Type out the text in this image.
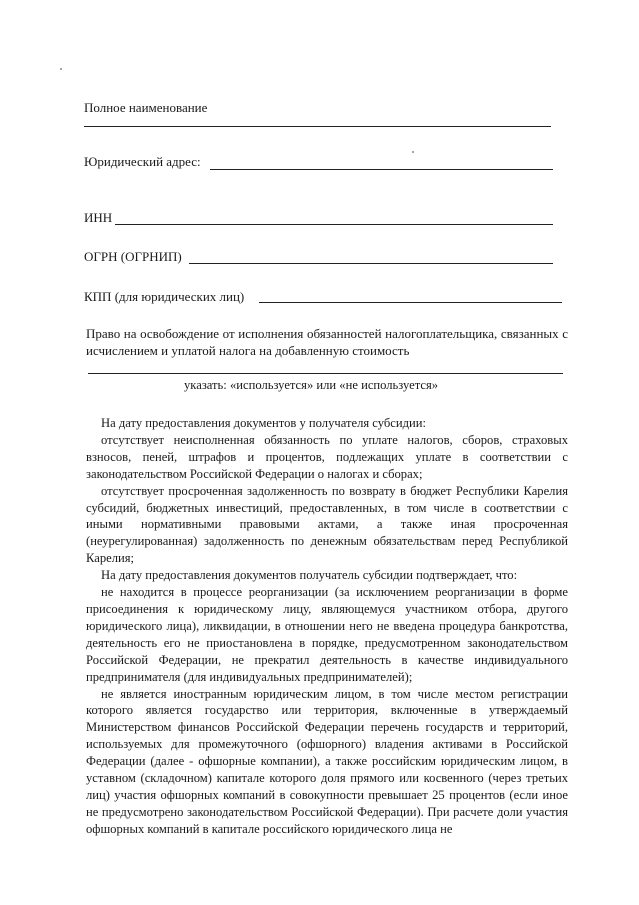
Полное наименование
Юридический адрес:
ИНН
ОГРН (ОГРНИП)
КПП (для юридических лиц)
Право на освобождение от исполнения обязанностей налогоплательщика, связанных с исчислением и уплатой налога на добавленную стоимость
указать: «используется» или «не используется»

На дату предоставления документов у получателя субсидии:

отсутствует неисполненная обязанность по уплате налогов, сборов, страховых взносов, пеней, штрафов и процентов, подлежащих уплате в соответствии с законодательством Российской Федерации о налогах и сборах;

отсутствует просроченная задолженность по возврату в бюджет Республики Карелия субсидий, бюджетных инвестиций, предоставленных, в том числе в соответствии с иными нормативными правовыми актами, а также иная просроченная (неурегулированная) задолженность по денежным обязательствам перед Республикой Карелия;

На дату предоставления документов получатель субсидии подтверждает, что:

не находится в процессе реорганизации (за исключением реорганизации в форме присоединения к юридическому лицу, являющемуся участником отбора, другого юридического лица), ликвидации, в отношении него не введена процедура банкротства, деятельность его не приостановлена в порядке, предусмотренном законодательством Российской Федерации, не прекратил деятельность в качестве индивидуального предпринимателя (для индивидуальных предпринимателей);

не является иностранным юридическим лицом, в том числе местом регистрации которого является государство или территория, включенные в утверждаемый Министерством финансов Российской Федерации перечень государств и территорий, используемых для промежуточного (офшорного) владения активами в Российской Федерации (далее - офшорные компании), а также российским юридическим лицом, в уставном (складочном) капитале которого доля прямого или косвенного (через третьих лиц) участия офшорных компаний в совокупности превышает 25 процентов (если иное не предусмотрено законодательством Российской Федерации). При расчете доли участия офшорных компаний в капитале российского юридического лица не
